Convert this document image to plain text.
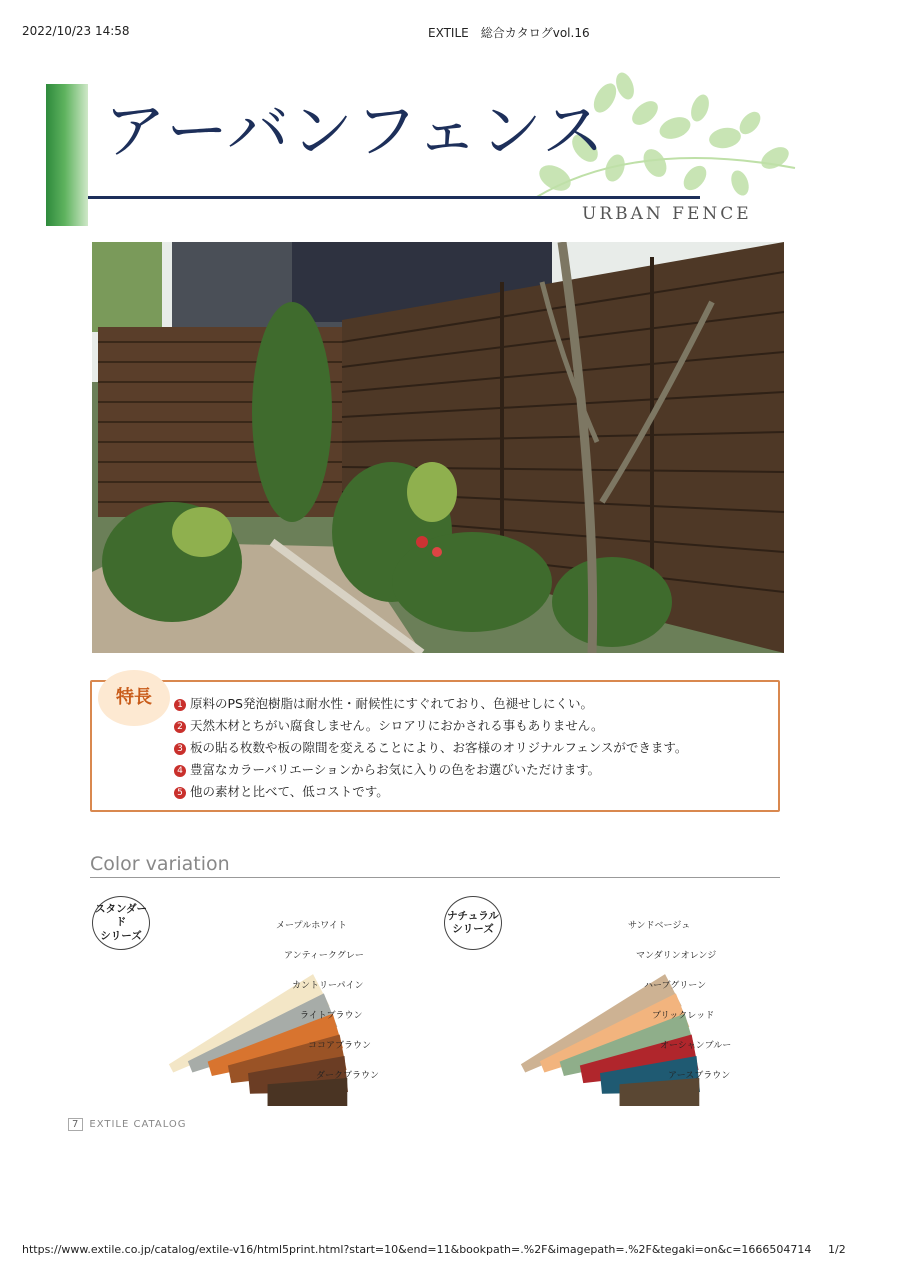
2022/10/23 14:58	EXTILE　総合カタログvol.16
アーバンフェンス
URBAN FENCE
特長	1 原料のPS発泡樹脂は耐水性・耐候性にすぐれており、色褪せしにくい。
2 天然木材とちがい腐食しません。シロアリにおかされる事もありません。
3 板の貼る枚数や板の隙間を変えることにより、お客様のオリジナルフェンスができます。
4 豊富なカラーバリエーションからお気に入りの色をお選びいただけます。
5 他の素材と比べて、低コストです。
Color variation
スタンダード
シリーズ
メープルホワイト
アンティークグレー
カントリーパイン
ライトブラウン
ココアブラウン
ダークブラウン
ナチュラル
シリーズ	サンドベージュ
マンダリンオレンジ
ハーブグリーン
ブリックレッド
オーシャンブルー
アースブラウン
7 EXTILE CATALOG
https://www.extile.co.jp/catalog/extile-v16/html5print.html?start=10&end=11&bookpath=.%2F&imagepath=.%2F&tegaki=on&c=1666504714 1/2
